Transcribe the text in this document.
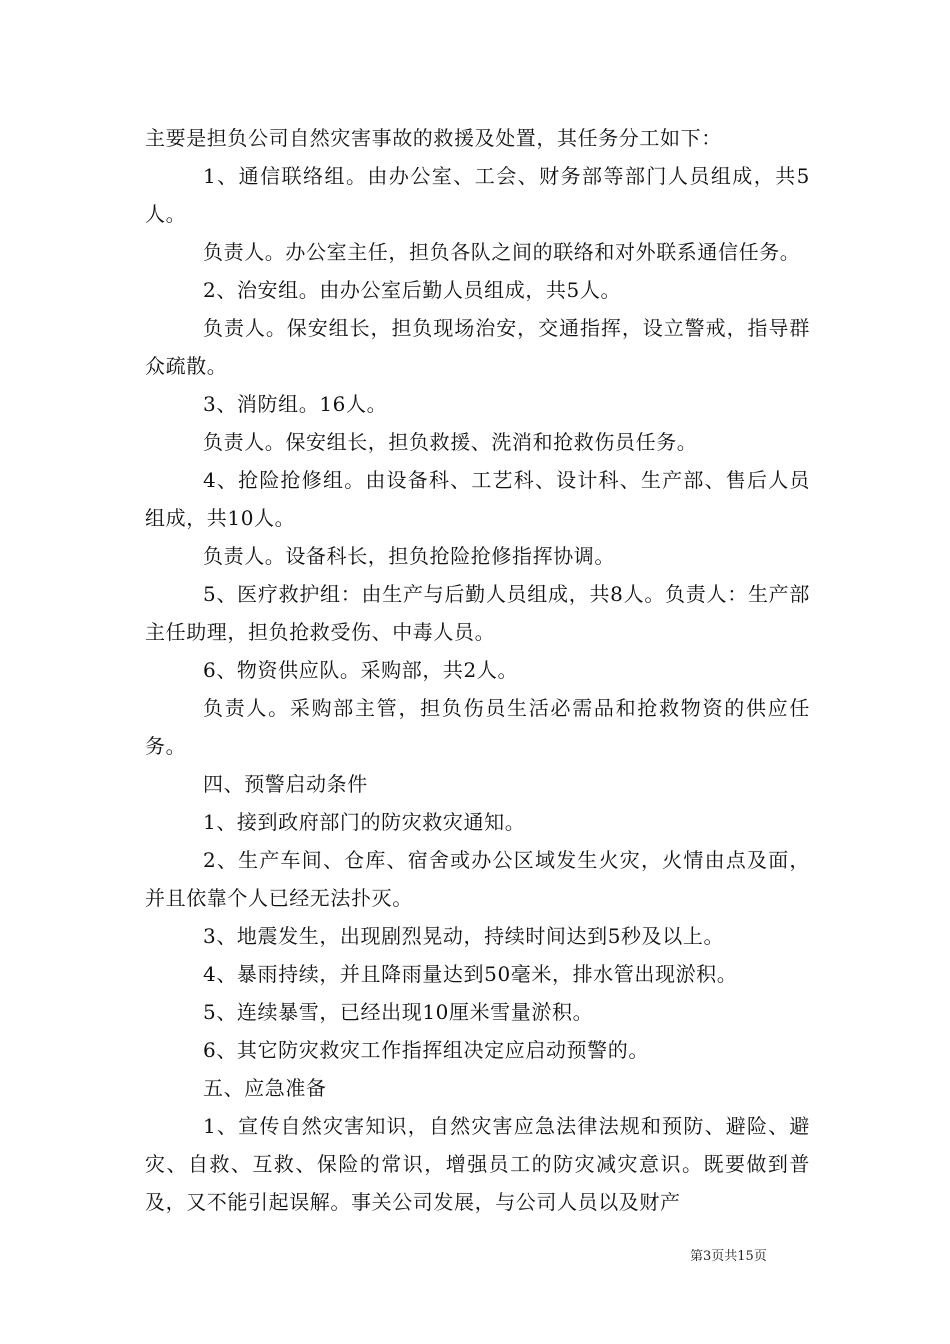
主要是担负公司自然灾害事故的救援及处置，其任务分工如下：

1、通信联络组。由办公室、工会、财务部等部门人员组成，共5人。

负责人。办公室主任，担负各队之间的联络和对外联系通信任务。

2、治安组。由办公室后勤人员组成，共5人。

负责人。保安组长，担负现场治安，交通指挥，设立警戒，指导群众疏散。

3、消防组。16人。

负责人。保安组长，担负救援、洗消和抢救伤员任务。

4、抢险抢修组。由设备科、工艺科、设计科、生产部、售后人员组成，共10人。

负责人。设备科长，担负抢险抢修指挥协调。

5、医疗救护组：由生产与后勤人员组成，共8人。负责人：生产部主任助理，担负抢救受伤、中毒人员。

6、物资供应队。采购部，共2人。

负责人。采购部主管，担负伤员生活必需品和抢救物资的供应任务。

四、预警启动条件

1、接到政府部门的防灾救灾通知。

2、生产车间、仓库、宿舍或办公区域发生火灾，火情由点及面，并且依靠个人已经无法扑灭。

3、地震发生，出现剧烈晃动，持续时间达到5秒及以上。

4、暴雨持续，并且降雨量达到50毫米，排水管出现淤积。

5、连续暴雪，已经出现10厘米雪量淤积。

6、其它防灾救灾工作指挥组决定应启动预警的。

五、应急准备

1、宣传自然灾害知识，自然灾害应急法律法规和预防、避险、避灾、自救、互救、保险的常识，增强员工的防灾减灾意识。既要做到普及，又不能引起误解。事关公司发展，与公司人员以及财产

第3页共15页
